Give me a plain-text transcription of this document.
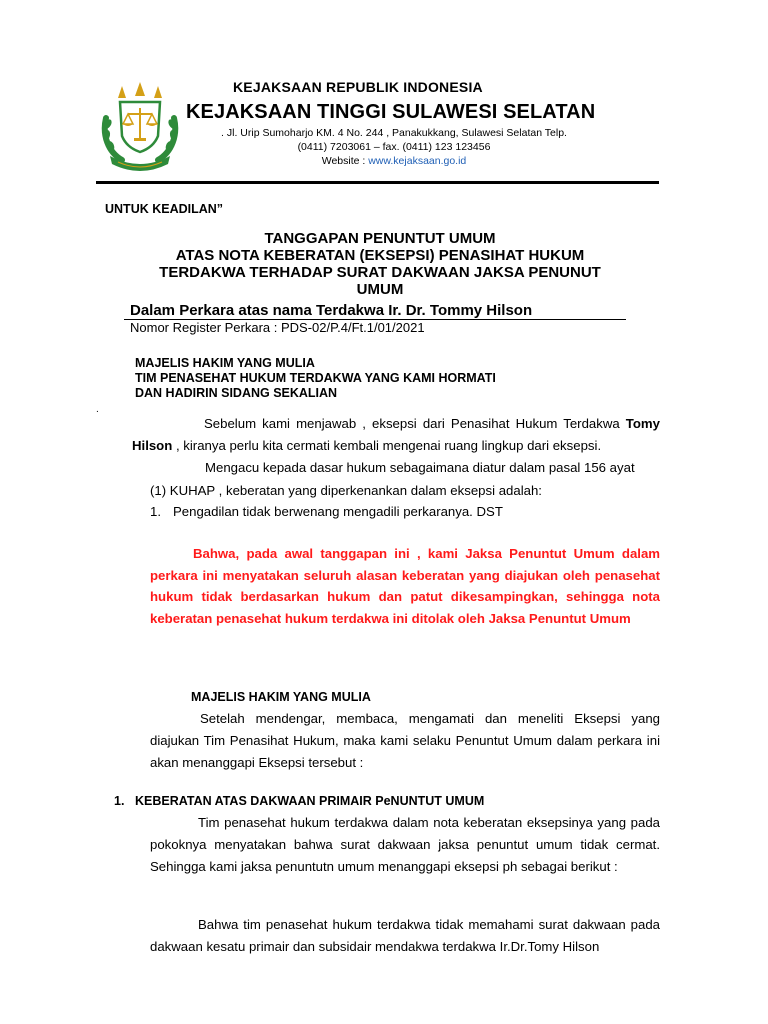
KEJAKSAAN REPUBLIK INDONESIA
KEJAKSAAN TINGGI SULAWESI SELATAN
. Jl. Urip Sumoharjo KM. 4 No. 244 , Panakukkang, Sulawesi Selatan Telp.
(0411) 7203061 – fax. (0411) 123 123456
Website : www.kejaksaan.go.id
UNTUK KEADILAN”
TANGGAPAN PENUNTUT UMUM
ATAS NOTA KEBERATAN (EKSEPSI) PENASIHAT HUKUM
TERDAKWA TERHADAP SURAT DAKWAAN JAKSA PENUNUT
UMUM
Dalam Perkara atas nama Terdakwa Ir. Dr. Tommy Hilson
Nomor Register Perkara : PDS-02/P.4/Ft.1/01/2021
MAJELIS HAKIM YANG MULIA
TIM PENASEHAT HUKUM TERDAKWA YANG KAMI HORMATI
DAN HADIRIN SIDANG SEKALIAN
.
Sebelum kami menjawab , eksepsi dari Penasihat Hukum Terdakwa Tomy Hilson , kiranya perlu kita cermati kembali mengenai ruang lingkup dari eksepsi.
Mengacu kepada dasar hukum sebagaimana diatur dalam pasal 156 ayat
(1) KUHAP , keberatan yang diperkenankan dalam eksepsi adalah:
1. Pengadilan tidak berwenang mengadili perkaranya. DST
Bahwa, pada awal tanggapan ini , kami Jaksa Penuntut Umum dalam perkara ini menyatakan seluruh alasan keberatan yang diajukan oleh penasehat hukum tidak berdasarkan hukum dan patut dikesampingkan, sehingga nota keberatan penasehat hukum terdakwa ini ditolak oleh Jaksa Penuntut Umum
MAJELIS HAKIM YANG MULIA
Setelah mendengar, membaca, mengamati dan meneliti Eksepsi yang diajukan Tim Penasihat Hukum, maka kami selaku Penuntut Umum dalam perkara ini akan menanggapi Eksepsi tersebut :
1. KEBERATAN ATAS DAKWAAN PRIMAIR PeNUNTUT UMUM
Tim penasehat hukum terdakwa dalam nota keberatan eksepsinya yang pada pokoknya menyatakan bahwa surat dakwaan jaksa penuntut umum tidak cermat. Sehingga kami jaksa penuntutn umum menanggapi eksepsi ph sebagai berikut :
Bahwa tim penasehat hukum terdakwa tidak memahami surat dakwaan pada dakwaan kesatu primair dan subsidair mendakwa terdakwa Ir.Dr.Tomy Hilson
